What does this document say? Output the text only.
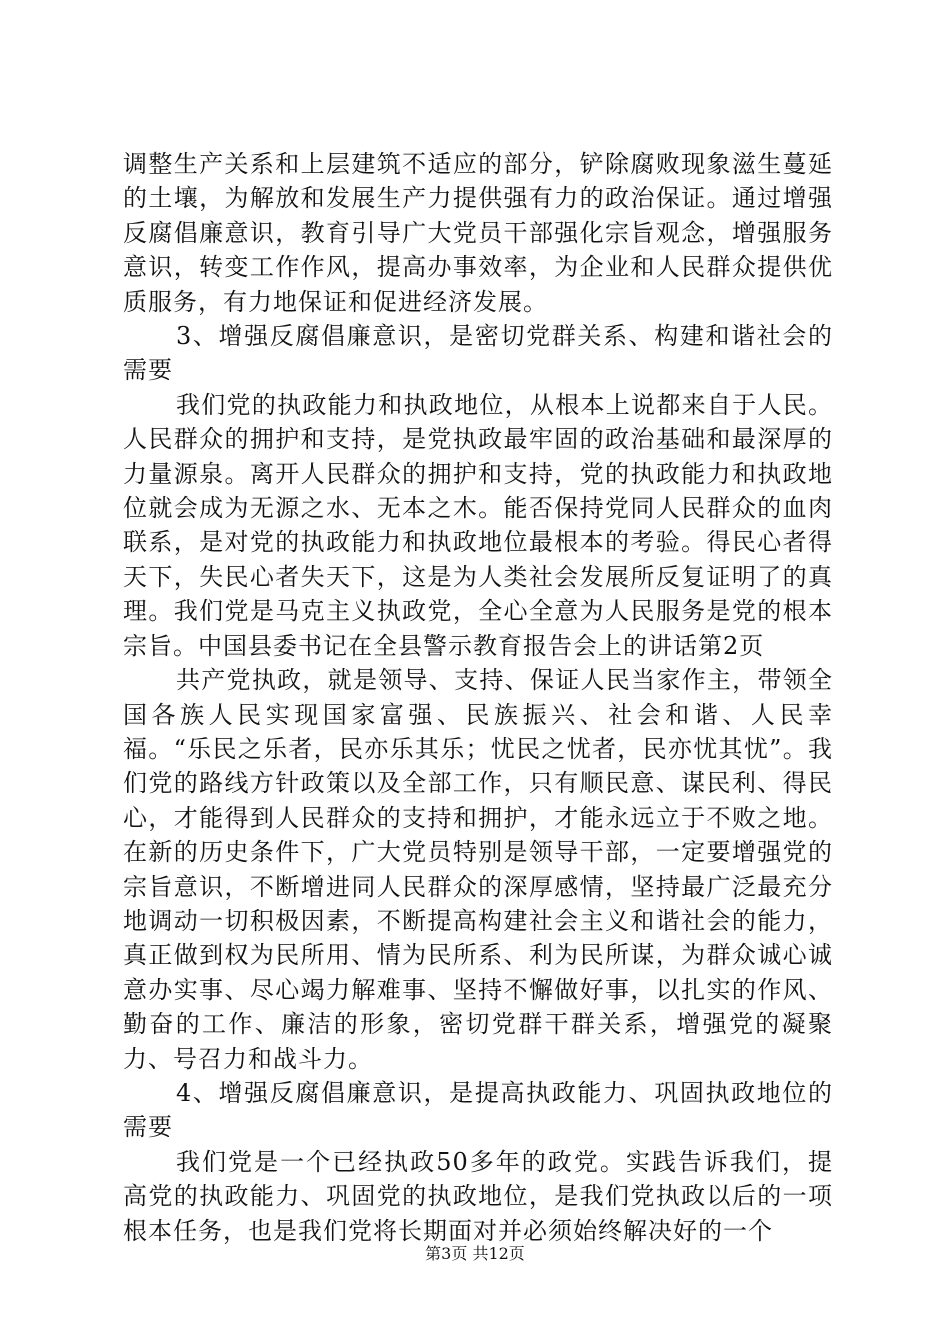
调整生产关系和上层建筑不适应的部分，铲除腐败现象滋生蔓延的土壤，为解放和发展生产力提供强有力的政治保证。通过增强反腐倡廉意识，教育引导广大党员干部强化宗旨观念，增强服务意识，转变工作作风，提高办事效率，为企业和人民群众提供优质服务，有力地保证和促进经济发展。

3、增强反腐倡廉意识，是密切党群关系、构建和谐社会的需要

我们党的执政能力和执政地位，从根本上说都来自于人民。人民群众的拥护和支持，是党执政最牢固的政治基础和最深厚的力量源泉。离开人民群众的拥护和支持，党的执政能力和执政地位就会成为无源之水、无本之木。能否保持党同人民群众的血肉联系，是对党的执政能力和执政地位最根本的考验。得民心者得天下，失民心者失天下，这是为人类社会发展所反复证明了的真理。我们党是马克主义执政党，全心全意为人民服务是党的根本宗旨。中国县委书记在全县警示教育报告会上的讲话第2页

共产党执政，就是领导、支持、保证人民当家作主，带领全国各族人民实现国家富强、民族振兴、社会和谐、人民幸福。“乐民之乐者，民亦乐其乐；忧民之忧者，民亦忧其忧”。我们党的路线方针政策以及全部工作，只有顺民意、谋民利、得民心，才能得到人民群众的支持和拥护，才能永远立于不败之地。在新的历史条件下，广大党员特别是领导干部，一定要增强党的宗旨意识，不断增进同人民群众的深厚感情，坚持最广泛最充分地调动一切积极因素，不断提高构建社会主义和谐社会的能力，真正做到权为民所用、情为民所系、利为民所谋，为群众诚心诚意办实事、尽心竭力解难事、坚持不懈做好事，以扎实的作风、勤奋的工作、廉洁的形象，密切党群干群关系，增强党的凝聚力、号召力和战斗力。

4、增强反腐倡廉意识，是提高执政能力、巩固执政地位的需要

我们党是一个已经执政50多年的政党。实践告诉我们，提高党的执政能力、巩固党的执政地位，是我们党执政以后的一项根本任务，也是我们党将长期面对并必须始终解决好的一个

第3页 共12页
